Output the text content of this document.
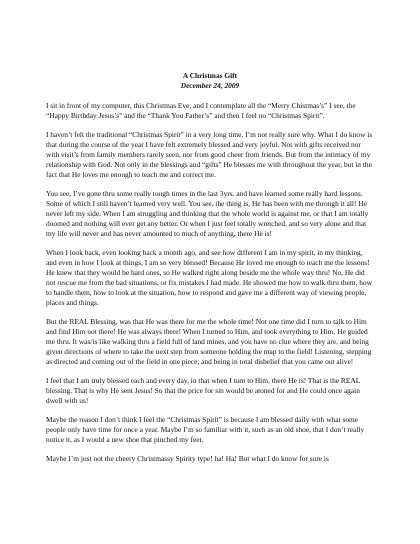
A Christmas Gift

December 24, 2009

I sit in front of my computer, this Christmas Eve, and I contemplate all the “Merry Chistmas’s” I see, the “Happy Birthday Jesus’s” and the “Thank You Father’s” and then I feel no “Christmas Spirit”.

I haven’t felt the traditional “Christmas Spirit” in a very long time. I’m not really sure why. What I do know is that during the course of the year I have felt extremely blessed and very joyful. Not with gifts received nor with visit’s from family members rarely seen, nor from good cheer from friends. But from the intimacy of my relationship with God. Not only in the blessings and “gifts” He blesses me with throughout the year, but in the fact that He loves me enough to teach me and correct me.

You see, I’ve gone thru some really tough times in the last 3yrs. and have learned some really hard lessons. Some of which I still haven’t learned very well. You see, the thing is, He has been with me through it all! He never left my side. When I am struggling and thinking that the whole world is against me, or that I am totally doomed and nothing will ever get any better. Or when I just feel totally wretched, and so very alone and that my life will never and has never amounted to much of anything, there He is!

When I look back, even looking back a month ago, and see how different I am in my spirit, in my thinking, and even in how I look at things, I am so very blessed! Because He loved me enough to teach me the lessons! He knew that they would be hard ones, so He walked right along beside me the whole way thru! No, He did not rescue me from the bad situations, or fix mistakes I had made. He showed me how to walk thru them, how to handle them, how to look at the situation, how to respond and gave me a different way of viewing people, places and things.

But the REAL Blessing, was that He was there for me the whole time! Not one time did I turn to talk to Him and find Him not there! He was always there! When I turned to Him, and took everything to Him, He guided me thru. It was/is like walking thru a field full of land mines, and you have no clue where they are, and being given directions of where to take the next step from someone holding the map to the field! Listening, stepping as directed and coming out of the field in one piece, and being in total disbelief that you came out alive!

I feel that I am truly blessed each and every day, in that when I turn to Him, there He is! That is the REAL blessing. That is why He sent Jesus! So that the price for sin would be atoned for and He could once again dwell with us!

Maybe the reason I don’t think I feel the “Christmas Spirit” is because I am blessed daily with what some people only have time for once a year. Maybe I’m so familiar with it, such as an old shoe, that I don’t really notice it, as I would a new shoe that pinched my feet.

Maybe I’m just not the cheery Christmassy Spirity type! ha! Ha! But what I do know for sure is
